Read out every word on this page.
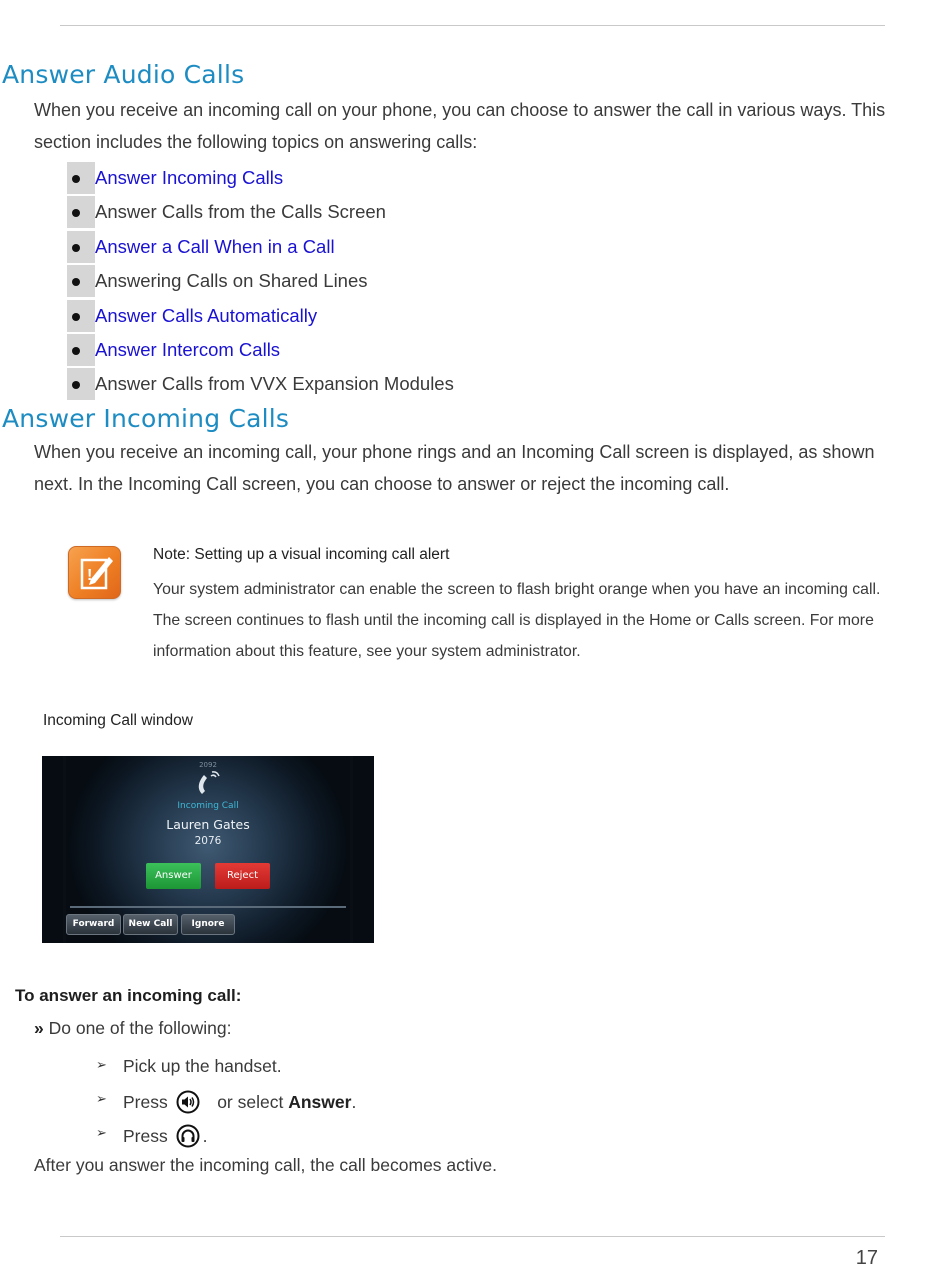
Answer Audio Calls

When you receive an incoming call on your phone, you can choose to answer the call in various ways. This section includes the following topics on answering calls:

Answer Incoming Calls
Answer Calls from the Calls Screen
Answer a Call When in a Call
Answering Calls on Shared Lines
Answer Calls Automatically
Answer Intercom Calls
Answer Calls from VVX Expansion Modules
Answer Incoming Calls

When you receive an incoming call, your phone rings and an Incoming Call screen is displayed, as shown next. In the Incoming Call screen, you can choose to answer or reject the incoming call.

!
Note: Setting up a visual incoming call alert

Your system administrator can enable the screen to flash bright orange when you have an incoming call. The screen continues to flash until the incoming call is displayed in the Home or Calls screen. For more information about this feature, see your system administrator.

Incoming Call window
2092
Incoming Call
Lauren Gates
2076
Answer	Reject
Forward	New Call	Ignore
To answer an incoming call:
» Do one of the following:
➢ Pick up the handset.
➢ Press	or select Answer.
➢ Press .

After you answer the incoming call, the call becomes active.

17
